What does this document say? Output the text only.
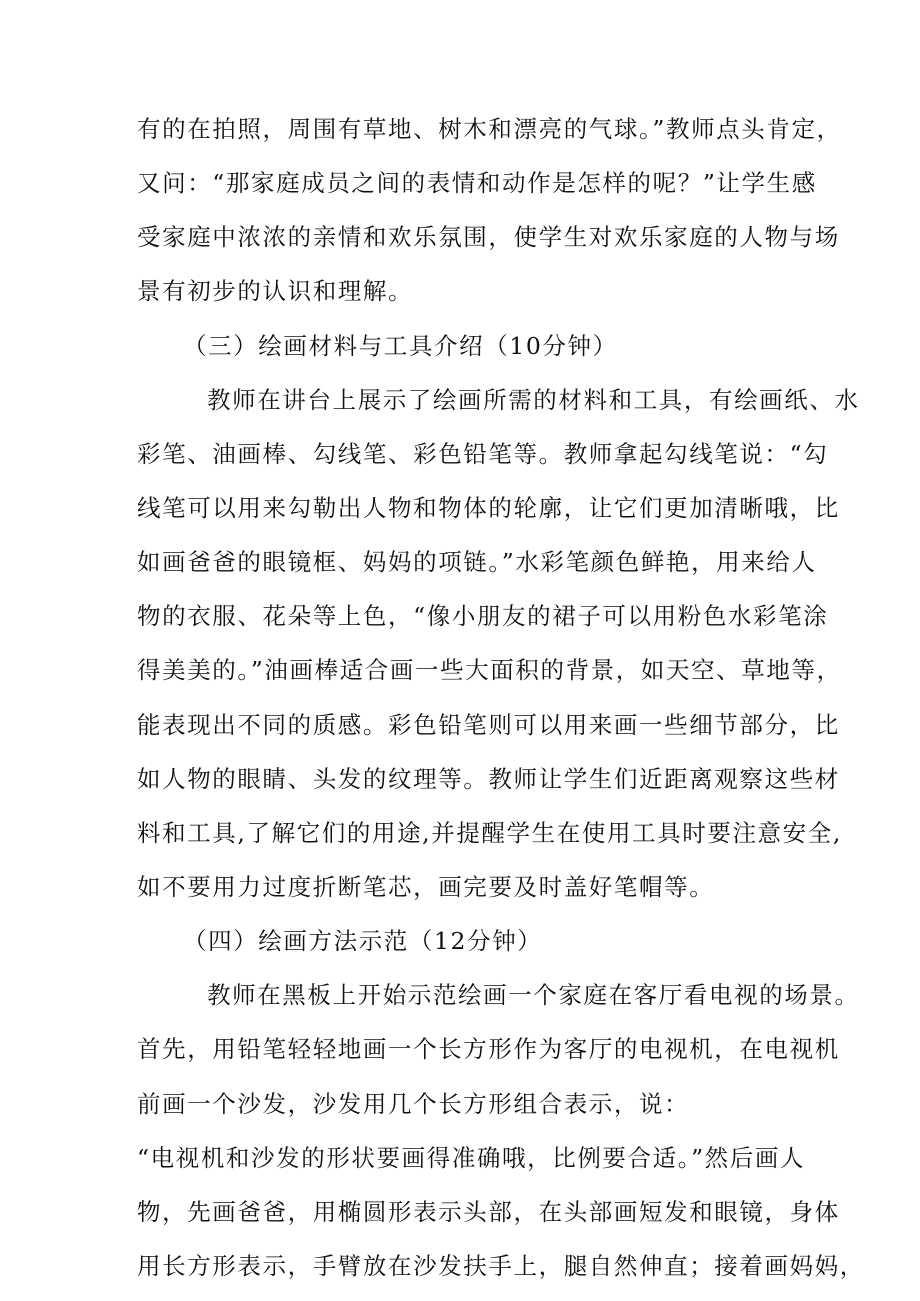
有的在拍照，周围有草地、树木和漂亮的气球。”教师点头肯定，
又问：“那家庭成员之间的表情和动作是怎样的呢？”让学生感
受家庭中浓浓的亲情和欢乐氛围，使学生对欢乐家庭的人物与场
景有初步的认识和理解。
（三）绘画材料与工具介绍（10分钟）
教师在讲台上展示了绘画所需的材料和工具，有绘画纸、水
彩笔、油画棒、勾线笔、彩色铅笔等。教师拿起勾线笔说：“勾
线笔可以用来勾勒出人物和物体的轮廓，让它们更加清晰哦，比
如画爸爸的眼镜框、妈妈的项链。”水彩笔颜色鲜艳，用来给人
物的衣服、花朵等上色，“像小朋友的裙子可以用粉色水彩笔涂
得美美的。”油画棒适合画一些大面积的背景，如天空、草地等，
能表现出不同的质感。彩色铅笔则可以用来画一些细节部分，比
如人物的眼睛、头发的纹理等。教师让学生们近距离观察这些材
料和工具,了解它们的用途,并提醒学生在使用工具时要注意安全,
如不要用力过度折断笔芯，画完要及时盖好笔帽等。
（四）绘画方法示范（12分钟）
教师在黑板上开始示范绘画一个家庭在客厅看电视的场景。
首先，用铅笔轻轻地画一个长方形作为客厅的电视机，在电视机
前画一个沙发，沙发用几个长方形组合表示，说：
“电视机和沙发的形状要画得准确哦，比例要合适。”然后画人
物，先画爸爸，用椭圆形表示头部，在头部画短发和眼镜，身体
用长方形表示，手臂放在沙发扶手上，腿自然伸直；接着画妈妈，
